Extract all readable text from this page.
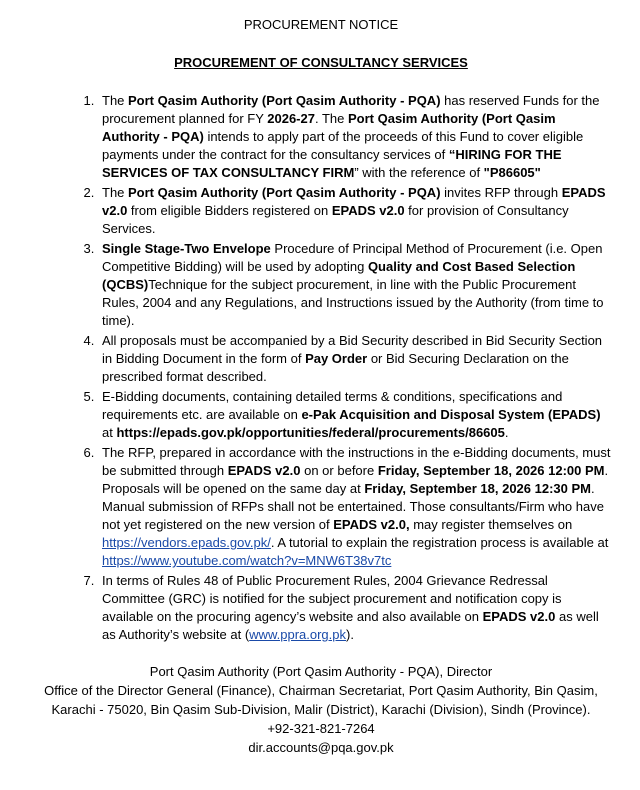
PROCUREMENT NOTICE
PROCUREMENT OF CONSULTANCY SERVICES
1. The Port Qasim Authority (Port Qasim Authority - PQA) has reserved Funds for the procurement planned for FY 2026-27. The Port Qasim Authority (Port Qasim Authority - PQA) intends to apply part of the proceeds of this Fund to cover eligible payments under the contract for the consultancy services of “HIRING FOR THE SERVICES OF TAX CONSULTANCY FIRM” with the reference of "P86605"
2. The Port Qasim Authority (Port Qasim Authority - PQA) invites RFP through EPADS v2.0 from eligible Bidders registered on EPADS v2.0 for provision of Consultancy Services.
3. Single Stage-Two Envelope Procedure of Principal Method of Procurement (i.e. Open Competitive Bidding) will be used by adopting Quality and Cost Based Selection (QCBS)Technique for the subject procurement, in line with the Public Procurement Rules, 2004 and any Regulations, and Instructions issued by the Authority (from time to time).
4. All proposals must be accompanied by a Bid Security described in Bid Security Section in Bidding Document in the form of Pay Order or Bid Securing Declaration on the prescribed format described.
5. E-Bidding documents, containing detailed terms & conditions, specifications and requirements etc. are available on e-Pak Acquisition and Disposal System (EPADS) at https://epads.gov.pk/opportunities/federal/procurements/86605.
6. The RFP, prepared in accordance with the instructions in the e-Bidding documents, must be submitted through EPADS v2.0 on or before Friday, September 18, 2026 12:00 PM. Proposals will be opened on the same day at Friday, September 18, 2026 12:30 PM. Manual submission of RFPs shall not be entertained. Those consultants/Firm who have not yet registered on the new version of EPADS v2.0, may register themselves on https://vendors.epads.gov.pk/. A tutorial to explain the registration process is available at https://www.youtube.com/watch?v=MNW6T38v7tc
7. In terms of Rules 48 of Public Procurement Rules, 2004 Grievance Redressal Committee (GRC) is notified for the subject procurement and notification copy is available on the procuring agency’s website and also available on EPADS v2.0 as well as Authority’s website at (www.ppra.org.pk).
Port Qasim Authority (Port Qasim Authority - PQA), Director
Office of the Director General (Finance), Chairman Secretariat, Port Qasim Authority, Bin Qasim, Karachi - 75020, Bin Qasim Sub-Division, Malir (District), Karachi (Division), Sindh (Province).
+92-321-821-7264
dir.accounts@pqa.gov.pk
